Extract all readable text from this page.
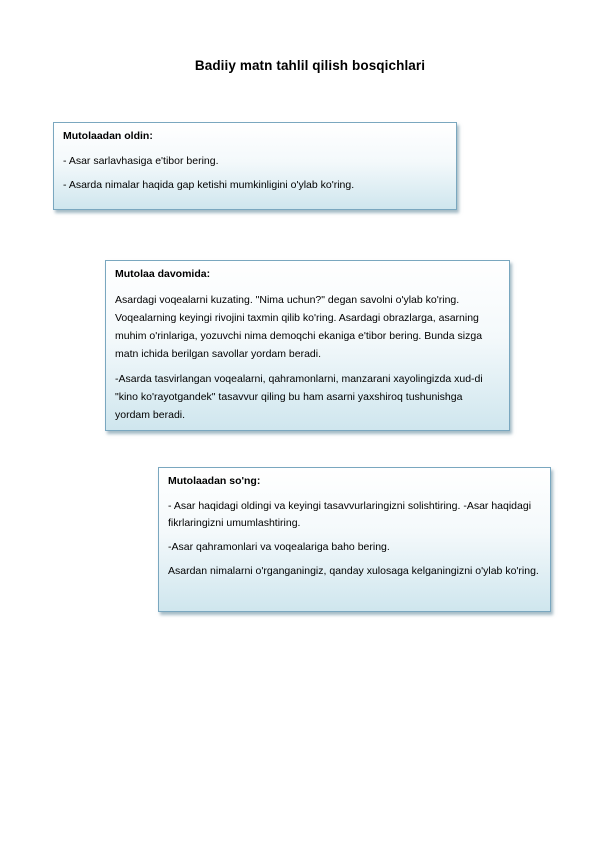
Badiiy matn tahlil qilish bosqichlari
Mutolaadan oldin:

- Asar sarlavhasiga e'tibor bering.

- Asarda nimalar haqida gap ketishi mumkinligini o'ylab ko'ring.

Mutolaa davomida:

Asardagi voqealarni kuzating. "Nima uchun?" degan savolni o'ylab ko'ring. Voqealarning keyingi rivojini taxmin qilib ko'ring. Asardagi obrazlarga, asarning muhim o'rinlariga, yozuvchi nima demoqchi ekaniga e'tibor bering. Bunda sizga matn ichida berilgan savollar yordam beradi.

-Asarda tasvirlangan voqealarni, qahramonlarni, manzarani xayolingizda xud-di "kino ko'rayotgandek" tasavvur qiling bu ham asarni yaxshiroq tushunishga yordam beradi.

Mutolaadan so'ng:

- Asar haqidagi oldingi va keyingi tasavvurlaringizni solishtiring. -Asar haqidagi fikrlaringizni umumlashtiring.

-Asar qahramonlari va voqealariga baho bering.

Asardan nimalarni o'rganganingiz, qanday xulosaga kelganingizni o'ylab ko'ring.
